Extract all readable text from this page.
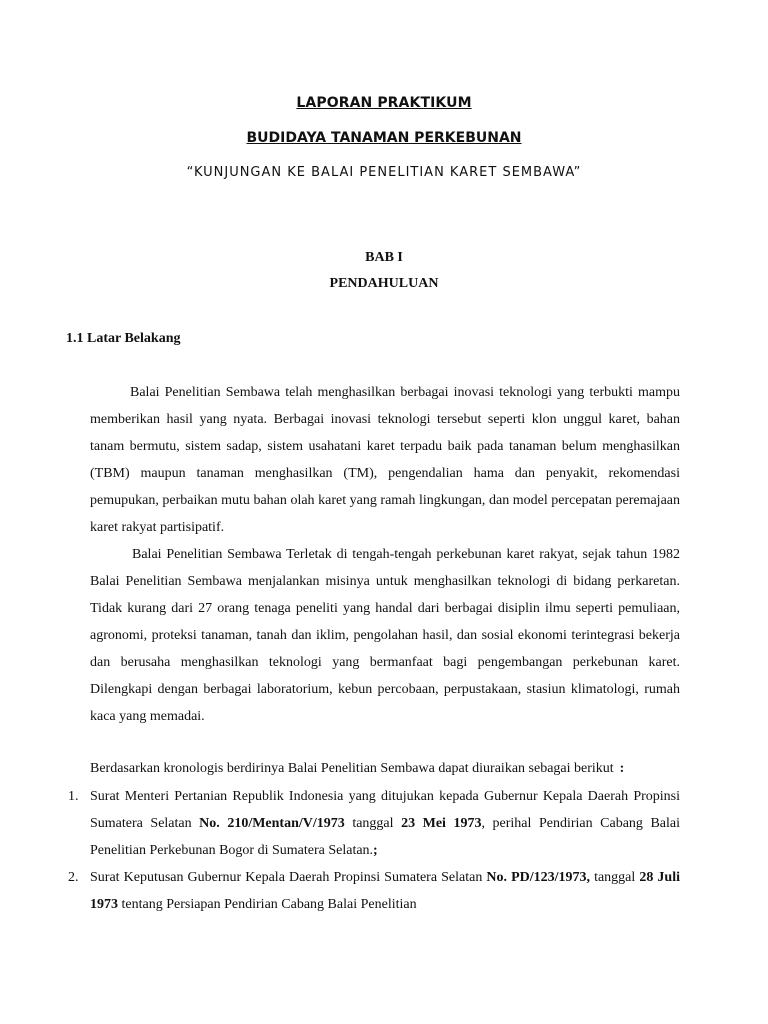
LAPORAN PRAKTIKUM
BUDIDAYA TANAMAN PERKEBUNAN
“KUNJUNGAN KE BALAI PENELITIAN KARET SEMBAWA”
BAB I
PENDAHULUAN
1.1 Latar Belakang
Balai Penelitian Sembawa telah menghasilkan berbagai inovasi teknologi yang terbukti mampu memberikan hasil yang nyata. Berbagai inovasi teknologi tersebut seperti klon unggul karet, bahan tanam bermutu, sistem sadap, sistem usahatani karet terpadu baik pada tanaman belum menghasilkan (TBM) maupun tanaman menghasilkan (TM), pengendalian hama dan penyakit, rekomendasi pemupukan, perbaikan mutu bahan olah karet yang ramah lingkungan, dan model percepatan peremajaan karet rakyat partisipatif.
Balai Penelitian Sembawa Terletak di tengah-tengah perkebunan karet rakyat, sejak tahun 1982 Balai Penelitian Sembawa menjalankan misinya untuk menghasilkan teknologi di bidang perkaretan. Tidak kurang dari 27 orang tenaga peneliti yang handal dari berbagai disiplin ilmu seperti pemuliaan, agronomi, proteksi tanaman, tanah dan iklim, pengolahan hasil, dan sosial ekonomi terintegrasi bekerja dan berusaha menghasilkan teknologi yang bermanfaat bagi pengembangan perkebunan karet. Dilengkapi dengan berbagai laboratorium, kebun percobaan, perpustakaan, stasiun klimatologi, rumah kaca yang memadai.
Berdasarkan kronologis berdirinya Balai Penelitian Sembawa dapat diuraikan sebagai berikut :
1. Surat Menteri Pertanian Republik Indonesia yang ditujukan kepada Gubernur Kepala Daerah Propinsi Sumatera Selatan No. 210/Mentan/V/1973 tanggal 23 Mei 1973, perihal Pendirian Cabang Balai Penelitian Perkebunan Bogor di Sumatera Selatan.;
2. Surat Keputusan Gubernur Kepala Daerah Propinsi Sumatera Selatan No. PD/123/1973, tanggal 28 Juli 1973 tentang Persiapan Pendirian Cabang Balai Penelitian
